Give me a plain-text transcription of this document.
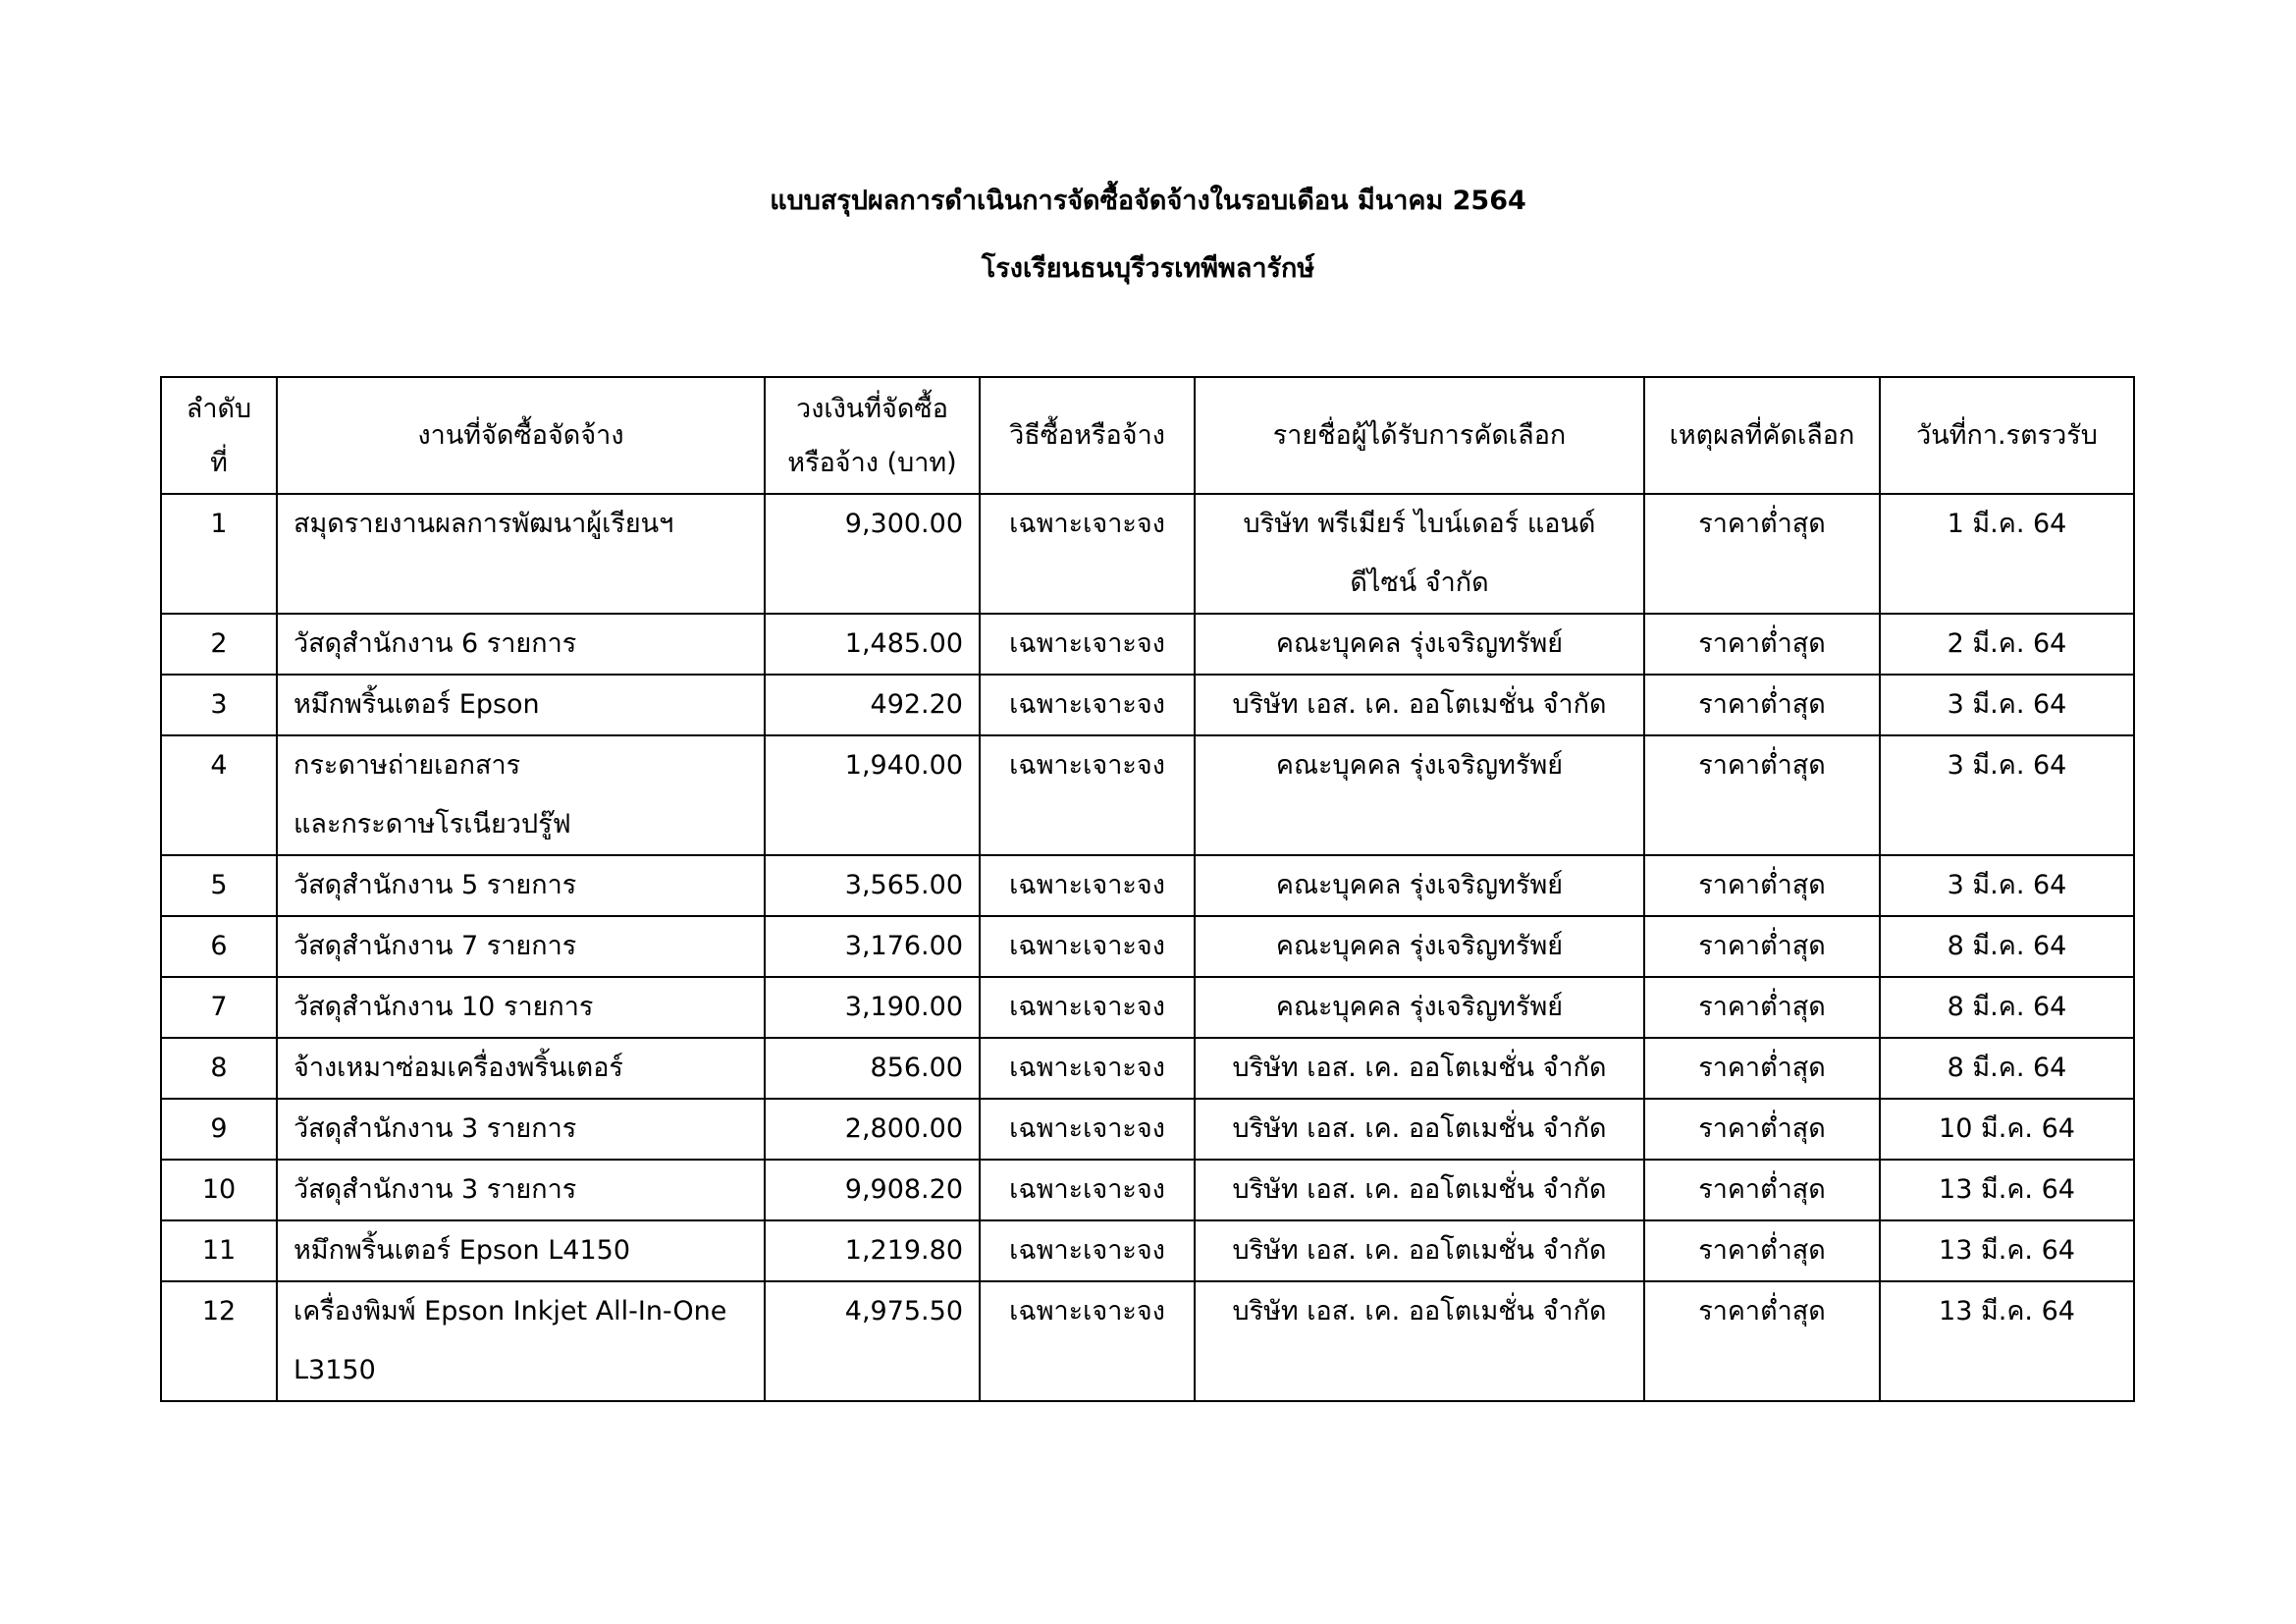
แบบสรุปผลการดำเนินการจัดซื้อจัดจ้างในรอบเดือน มีนาคม 2564
โรงเรียนธนบุรีวรเทพีพลารักษ์
ลำดับที่	งานที่จัดซื้อจัดจ้าง	วงเงินที่จัดซื้อ
หรือจ้าง (บาท)	วิธีซื้อหรือจ้าง	รายชื่อผู้ได้รับการคัดเลือก	เหตุผลที่คัดเลือก	วันที่กา.รตรวรับ
1	สมุดรายงานผลการพัฒนาผู้เรียนฯ	9,300.00	เฉพาะเจาะจง	บริษัท พรีเมียร์ ไบน์เดอร์ แอนด์
ดีไซน์ จำกัด	ราคาต่ำสุด	1 มี.ค. 64
2	วัสดุสำนักงาน 6 รายการ	1,485.00	เฉพาะเจาะจง	คณะบุคคล รุ่งเจริญทรัพย์	ราคาต่ำสุด	2 มี.ค. 64
3	หมึกพริ้นเตอร์ Epson	492.20	เฉพาะเจาะจง	บริษัท เอส. เค. ออโตเมชั่น จำกัด	ราคาต่ำสุด	3 มี.ค. 64
4	กระดาษถ่ายเอกสาร
และกระดาษโรเนียวปรู๊ฟ	1,940.00	เฉพาะเจาะจง	คณะบุคคล รุ่งเจริญทรัพย์	ราคาต่ำสุด	3 มี.ค. 64
5	วัสดุสำนักงาน 5 รายการ	3,565.00	เฉพาะเจาะจง	คณะบุคคล รุ่งเจริญทรัพย์	ราคาต่ำสุด	3 มี.ค. 64
6	วัสดุสำนักงาน 7 รายการ	3,176.00	เฉพาะเจาะจง	คณะบุคคล รุ่งเจริญทรัพย์	ราคาต่ำสุด	8 มี.ค. 64
7	วัสดุสำนักงาน 10 รายการ	3,190.00	เฉพาะเจาะจง	คณะบุคคล รุ่งเจริญทรัพย์	ราคาต่ำสุด	8 มี.ค. 64
8	จ้างเหมาซ่อมเครื่องพริ้นเตอร์	856.00	เฉพาะเจาะจง	บริษัท เอส. เค. ออโตเมชั่น จำกัด	ราคาต่ำสุด	8 มี.ค. 64
9	วัสดุสำนักงาน 3 รายการ	2,800.00	เฉพาะเจาะจง	บริษัท เอส. เค. ออโตเมชั่น จำกัด	ราคาต่ำสุด	10 มี.ค. 64
10	วัสดุสำนักงาน 3 รายการ	9,908.20	เฉพาะเจาะจง	บริษัท เอส. เค. ออโตเมชั่น จำกัด	ราคาต่ำสุด	13 มี.ค. 64
11	หมึกพริ้นเตอร์ Epson L4150	1,219.80	เฉพาะเจาะจง	บริษัท เอส. เค. ออโตเมชั่น จำกัด	ราคาต่ำสุด	13 มี.ค. 64
12	เครื่องพิมพ์ Epson Inkjet All-In-One
L3150	4,975.50	เฉพาะเจาะจง	บริษัท เอส. เค. ออโตเมชั่น จำกัด	ราคาต่ำสุด	13 มี.ค. 64
